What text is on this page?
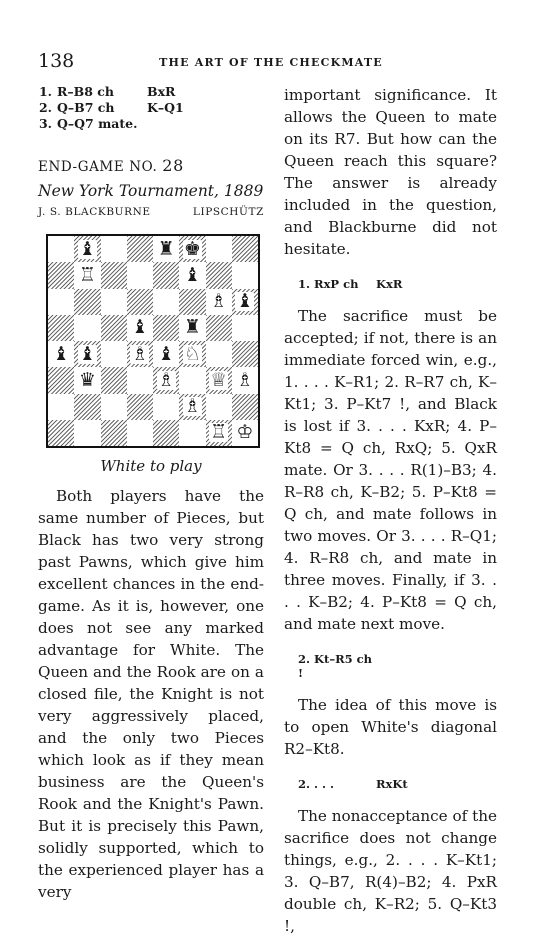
138	THE ART OF THE CHECKMATE
1. R–B8 ch	BxR
2. Q–B7 ch	K–Q1
3. Q–Q7 mate.
END-GAME NO. 28
New York Tournament, 1889
J. S. BLACKBURNE	LIPSCHÜTZ
♝	♜ ♚
♖	♝
♗ ♝
♝ ♜
♝ ♝ ♗ ♝ ♘
♛	♗ ♕ ♗
♗
♖ ♔
White to play

Both players have the same number of Pieces, but Black has two very strong past Pawns, which give him excellent chances in the end-game. As it is, however, one does not see any marked advantage for White. The Queen and the Rook are on a closed file, the Knight is not very aggressively placed, and the only two Pieces which look as if they mean business are the Queen's Rook and the Knight's Pawn. But it is precisely this Pawn, solidly supported, which to the experienced player has a very

important significance. It allows the Queen to mate on its R7. But how can the Queen reach this square? The answer is already included in the question, and Blackburne did not hesitate.

1. RxP ch	KxR

The sacrifice must be accepted; if not, there is an immediate forced win, e.g., 1. . . . K–R1; 2. R–R7 ch, K–Kt1; 3. P–Kt7 !, and Black is lost if 3. . . . KxR; 4. P–Kt8 = Q ch, RxQ; 5. QxR mate. Or 3. . . . R(1)–B3; 4. R–R8 ch, K–B2; 5. P–Kt8 = Q ch, and mate follows in two moves. Or 3. . . . R–Q1; 4. R–R8 ch, and mate in three moves. Finally, if 3. . . . K–B2; 4. P–Kt8 = Q ch, and mate next move.

2. Kt–R5 ch !

The idea of this move is to open White's diagonal R2–Kt8.

2. . . .	RxKt

The nonacceptance of the sacrifice does not change things, e.g., 2. . . . K–Kt1; 3. Q–B7, R(4)–B2; 4. PxR double ch, K–R2; 5. Q–Kt3 !,
